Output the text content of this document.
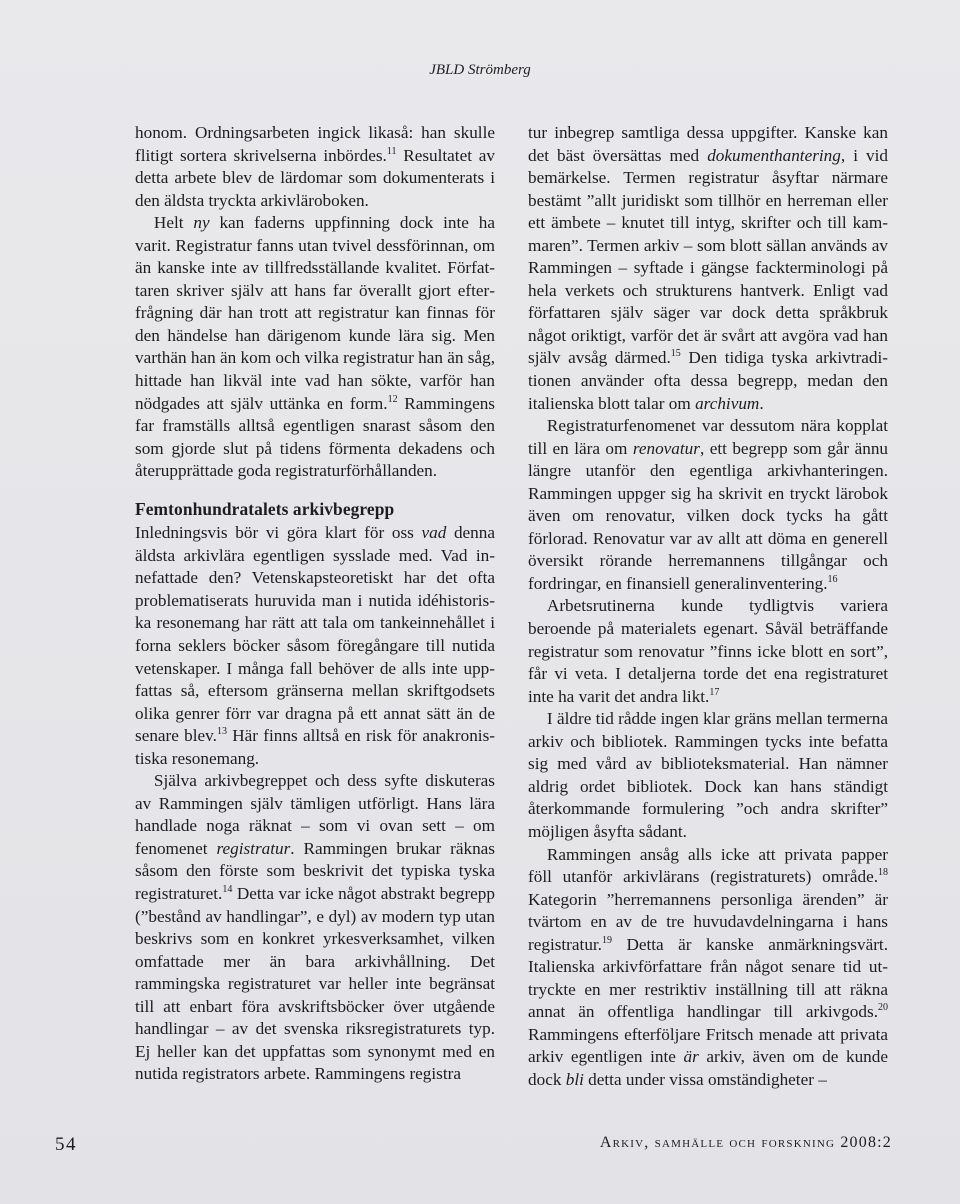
JBLD Strömberg

honom. Ordningsarbeten ingick likaså: han skulle flitigt sortera skrivelserna inbördes.$^{11}$ Resultatet av detta arbete blev de lärdomar som dokumenterats i den äldsta tryckta arkivläroboken.

Helt ny kan faderns uppfinning dock inte ha varit. Registratur fanns utan tvivel dessförinnan, om än kanske inte av tillfredsställande kvalitet. Författaren skriver själv att hans far överallt gjort efterfrågning där han trott att registratur kan finnas för den händelse han därigenom kunde lära sig. Men varthän han än kom och vilka registratur han än såg, hittade han likväl inte vad han sökte, varför han nödgades att själv uttänka en form.$^{12}$ Rammingens far framställs alltså egentligen snarast såsom den som gjorde slut på tidens förmenta dekadens och återupprättade goda registraturförhållanden.

Femtonhundratalets arkivbegrepp

Inledningsvis bör vi göra klart för oss vad denna äldsta arkivlära egentligen sysslade med. Vad innefattade den? Vetenskapsteoretiskt har det ofta problematiserats huruvida man i nutida idéhistoriska resonemang har rätt att tala om tankeinnehållet i forna seklers böcker såsom föregångare till nutida vetenskaper. I många fall behöver de alls inte uppfattas så, eftersom gränserna mellan skriftgodsets olika genrer förr var dragna på ett annat sätt än de senare blev.$^{13}$ Här finns alltså en risk för anakronistiska resonemang.

Själva arkivbegreppet och dess syfte diskuteras av Rammingen själv tämligen utförligt. Hans lära handlade noga räknat – som vi ovan sett – om fenomenet registratur. Rammingen brukar räknas såsom den förste som beskrivit det typiska tyska registraturet.$^{14}$ Detta var icke något abstrakt begrepp (”bestånd av handlingar”, e dyl) av modern typ utan beskrivs som en konkret yrkesverksamhet, vilken omfattade mer än bara arkivhållning. Det rammingska registraturet var heller inte begränsat till att enbart föra avskriftsböcker över utgående handlingar – av det svenska riksregistraturets typ. Ej heller kan det uppfattas som synonymt med en nutida registrators arbete. Rammingens registra

tur inbegrep samtliga dessa uppgifter. Kanske kan det bäst översättas med dokumenthantering, i vid bemärkelse. Termen registratur åsyftar närmare bestämt ”allt juridiskt som tillhör en herreman eller ett ämbete – knutet till intyg, skrifter och till kammaren”. Termen arkiv – som blott sällan används av Rammingen – syftade i gängse fackterminologi på hela verkets och strukturens hantverk. Enligt vad författaren själv säger var dock detta språkbruk något oriktigt, varför det är svårt att avgöra vad han själv avsåg därmed.$^{15}$ Den tidiga tyska arkivtraditionen använder ofta dessa begrepp, medan den italienska blott talar om archivum.

Registraturfenomenet var dessutom nära kopplat till en lära om renovatur, ett begrepp som går ännu längre utanför den egentliga arkivhanteringen. Rammingen uppger sig ha skrivit en tryckt lärobok även om renovatur, vilken dock tycks ha gått förlorad. Renovatur var av allt att döma en generell översikt rörande herremannens tillgångar och fordringar, en finansiell generalinventering.$^{16}$

Arbetsrutinerna kunde tydligtvis variera beroende på materialets egenart. Såväl beträffande registratur som renovatur ”finns icke blott en sort”, får vi veta. I detaljerna torde det ena registraturet inte ha varit det andra likt.$^{17}$

I äldre tid rådde ingen klar gräns mellan termerna arkiv och bibliotek. Rammingen tycks inte befatta sig med vård av biblioteksmaterial. Han nämner aldrig ordet bibliotek. Dock kan hans ständigt återkommande formulering ”och andra skrifter” möjligen åsyfta sådant.

Rammingen ansåg alls icke att privata papper föll utanför arkivlärans (registraturets) område.$^{18}$ Kategorin ”herremannens personliga ärenden” är tvärtom en av de tre huvudavdelningarna i hans registratur.$^{19}$ Detta är kanske anmärkningsvärt. Italienska arkivförfattare från något senare tid uttryckte en mer restriktiv inställning till att räkna annat än offentliga handlingar till arkivgods.$^{20}$ Rammingens efterföljare Fritsch menade att privata arkiv egentligen inte är arkiv, även om de kunde dock bli detta under vissa omständigheter –

54	Arkiv, samhälle och forskning 2008:2
